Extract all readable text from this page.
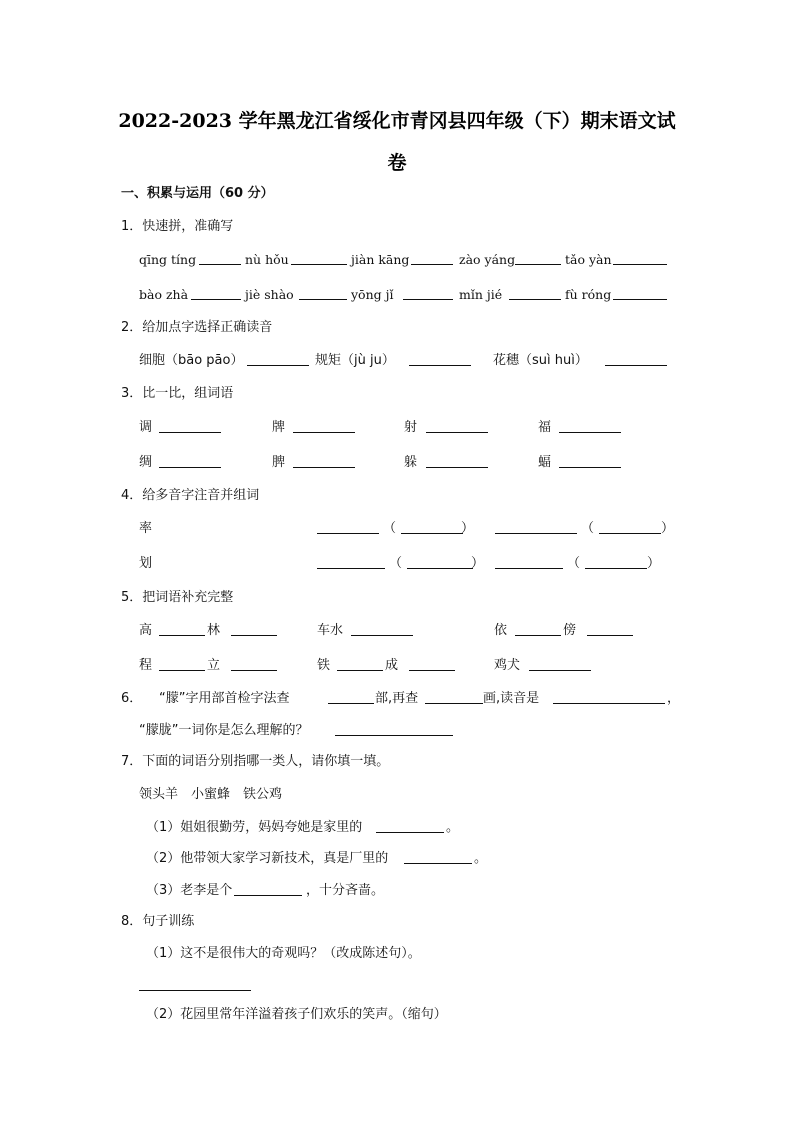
2022-2023 学年黑龙江省绥化市青冈县四年级（下）期末语文试
卷
一、积累与运用（60 分）
1．快速拼，准确写
qīng tíng	nù hǒu	jiàn kāng	zào yáng	tǎo yàn
bào zhà	jiè shào	yōng jǐ	mǐn jié	fù róng
2．给加点字选择正确读音
细胞（bāo pāo）	规矩（jù ju）	花穗（suì huì）
3．比一比，组词语
调	牌	射	福
绸	脾	躲	蝠
4．给多音字注音并组词
率	（	）	（	）
划	（	）	（	）
5．把词语补充完整
高	林	车水	依	傍
程	立	铁	成	鸡犬
6． “朦”字用部首检字法查	部,再查	画,读音是	，
“朦胧”一词你是怎么理解的？
7．下面的词语分别指哪一类人，请你填一填。
领头羊　小蜜蜂　铁公鸡
（1）姐姐很勤劳，妈妈夸她是家里的	。
（2）他带领大家学习新技术，真是厂里的	。
（3）老李是个	，十分吝啬。
8．句子训练
（1）这不是很伟大的奇观吗？（改成陈述句）。
（2）花园里常年洋溢着孩子们欢乐的笑声。（缩句）
